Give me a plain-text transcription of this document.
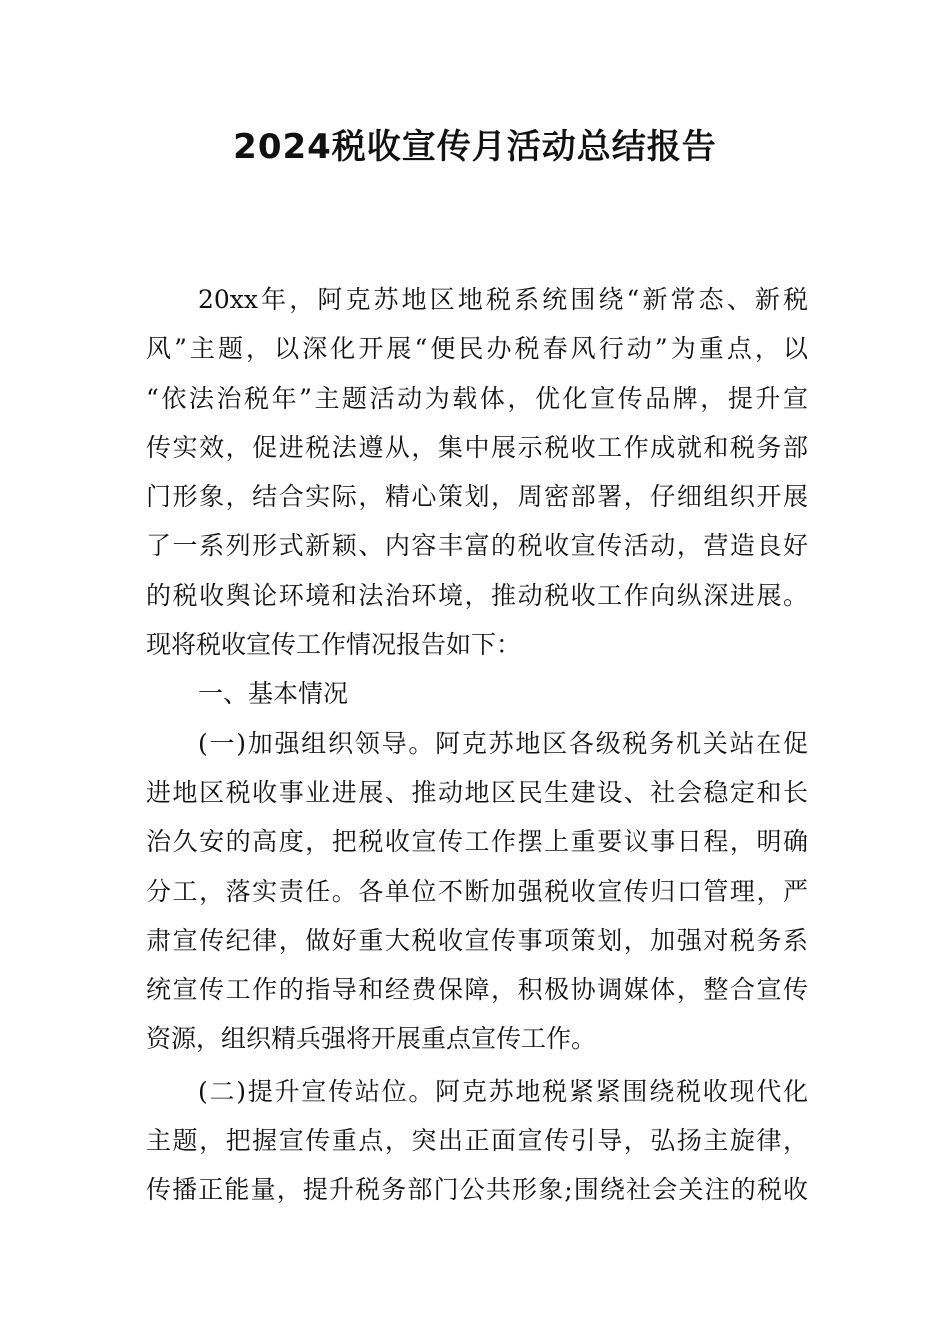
2024税收宣传月活动总结报告
20xx年，阿克苏地区地税系统围绕“新常态、新税
风”主题，以深化开展“便民办税春风行动”为重点，以
“依法治税年”主题活动为载体，优化宣传品牌，提升宣
传实效，促进税法遵从，集中展示税收工作成就和税务部
门形象，结合实际，精心策划，周密部署，仔细组织开展
了一系列形式新颖、内容丰富的税收宣传活动，营造良好
的税收舆论环境和法治环境，推动税收工作向纵深进展。
现将税收宣传工作情况报告如下：
一、基本情况
(一)加强组织领导。阿克苏地区各级税务机关站在促
进地区税收事业进展、推动地区民生建设、社会稳定和长
治久安的高度，把税收宣传工作摆上重要议事日程，明确
分工，落实责任。各单位不断加强税收宣传归口管理，严
肃宣传纪律，做好重大税收宣传事项策划，加强对税务系
统宣传工作的指导和经费保障，积极协调媒体，整合宣传
资源，组织精兵强将开展重点宣传工作。
(二)提升宣传站位。阿克苏地税紧紧围绕税收现代化
主题，把握宣传重点，突出正面宣传引导，弘扬主旋律，
传播正能量，提升税务部门公共形象;围绕社会关注的税收
